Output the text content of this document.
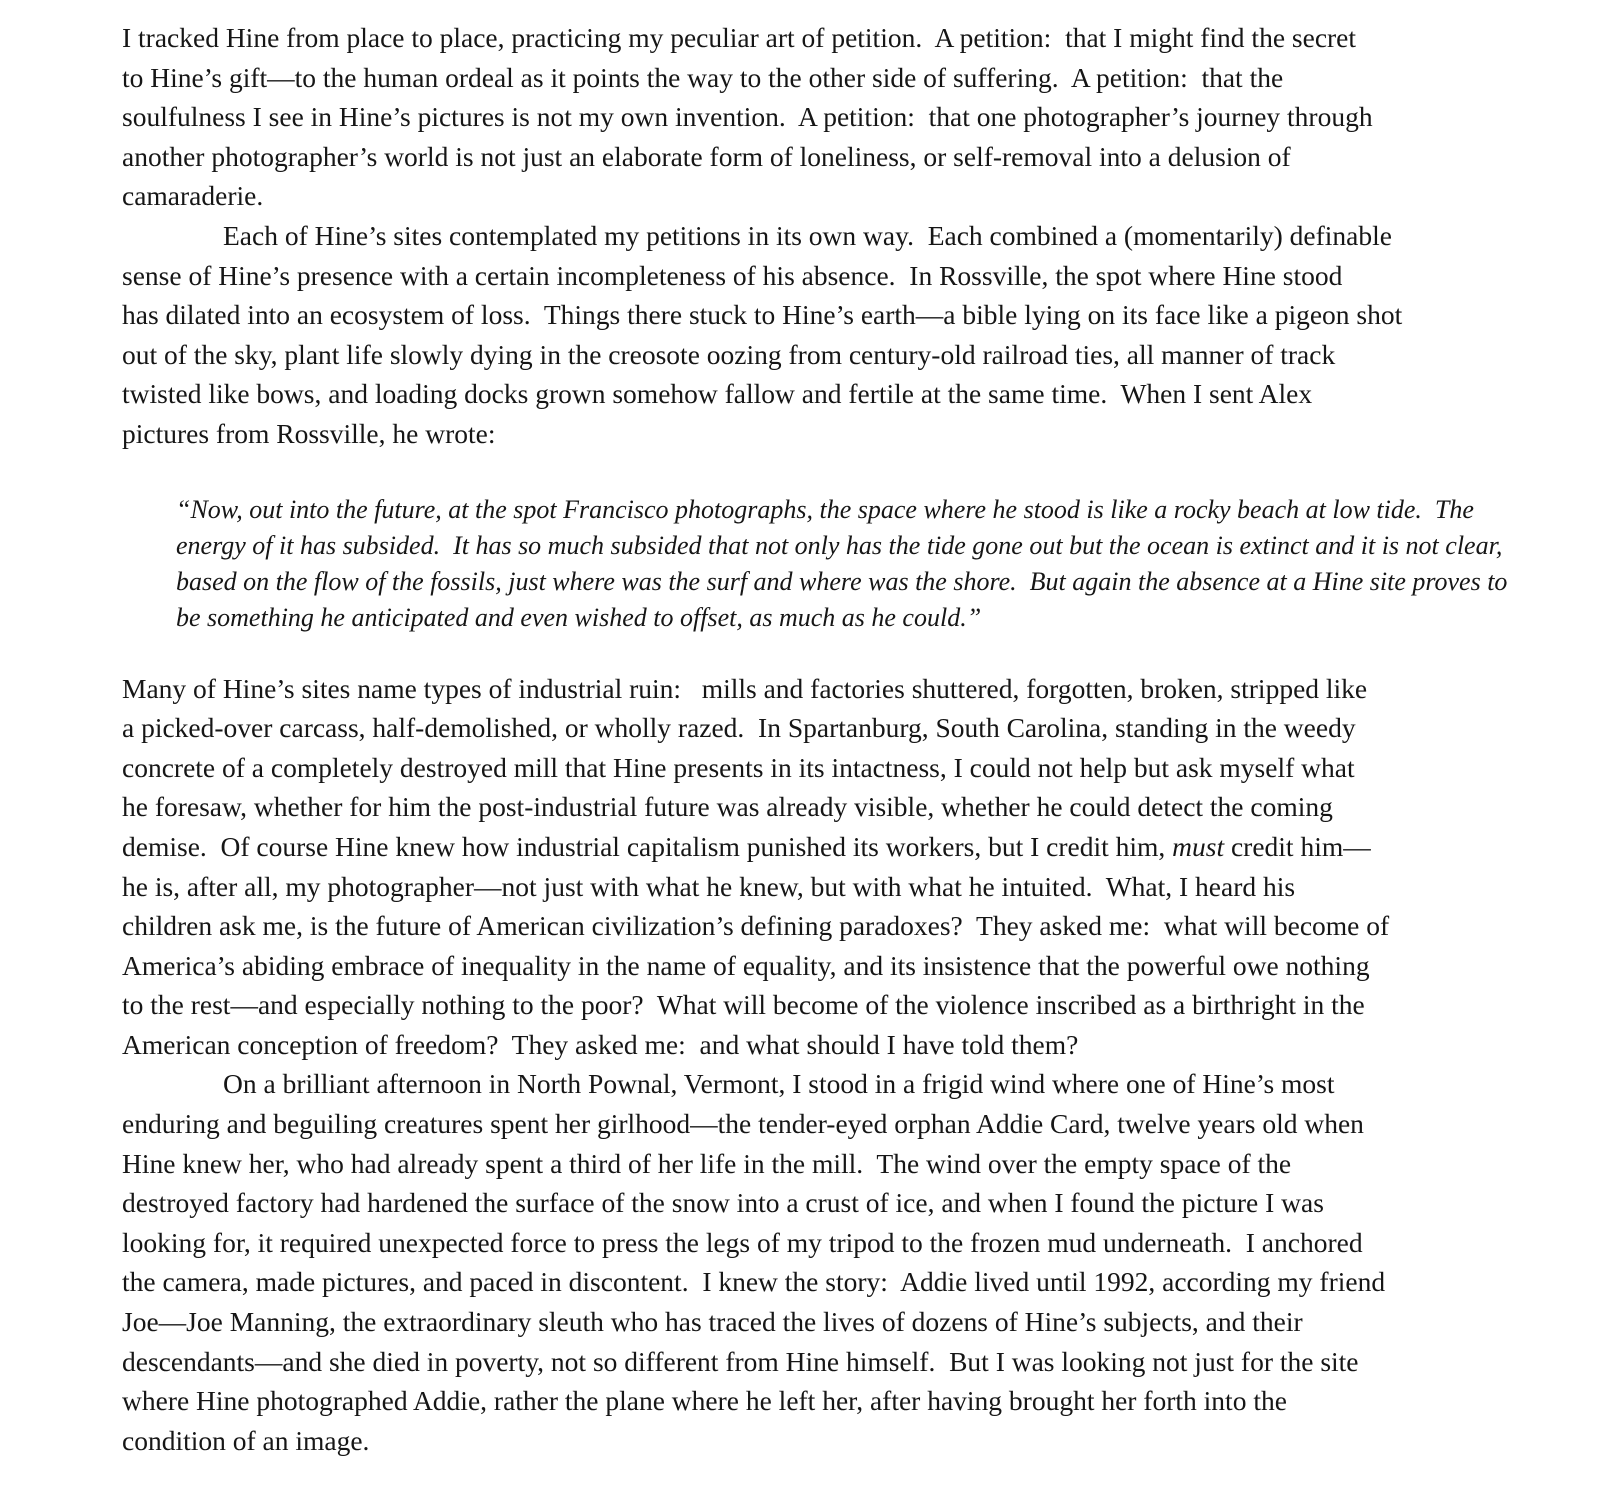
I tracked Hine from place to place, practicing my peculiar art of petition.  A petition:  that I might find the secret
to Hine’s gift—to the human ordeal as it points the way to the other side of suffering.  A petition:  that the
soulfulness I see in Hine’s pictures is not my own invention.  A petition:  that one photographer’s journey through
another photographer’s world is not just an elaborate form of loneliness, or self-removal into a delusion of
camaraderie.
Each of Hine’s sites contemplated my petitions in its own way.  Each combined a (momentarily) definable
sense of Hine’s presence with a certain incompleteness of his absence.  In Rossville, the spot where Hine stood
has dilated into an ecosystem of loss.  Things there stuck to Hine’s earth—a bible lying on its face like a pigeon shot
out of the sky, plant life slowly dying in the creosote oozing from century-old railroad ties, all manner of track
twisted like bows, and loading docks grown somehow fallow and fertile at the same time.  When I sent Alex
pictures from Rossville, he wrote:
“Now, out into the future, at the spot Francisco photographs, the space where he stood is like a rocky beach at low tide.  The
energy of it has subsided.  It has so much subsided that not only has the tide gone out but the ocean is extinct and it is not clear,
based on the flow of the fossils, just where was the surf and where was the shore.  But again the absence at a Hine site proves to
be something he anticipated and even wished to offset, as much as he could.”
Many of Hine’s sites name types of industrial ruin:   mills and factories shuttered, forgotten, broken, stripped like
a picked-over carcass, half-demolished, or wholly razed.  In Spartanburg, South Carolina, standing in the weedy
concrete of a completely destroyed mill that Hine presents in its intactness, I could not help but ask myself what
he foresaw, whether for him the post-industrial future was already visible, whether he could detect the coming
demise.  Of course Hine knew how industrial capitalism punished its workers, but I credit him, must credit him—
he is, after all, my photographer—not just with what he knew, but with what he intuited.  What, I heard his
children ask me, is the future of American civilization’s defining paradoxes?  They asked me:  what will become of
America’s abiding embrace of inequality in the name of equality, and its insistence that the powerful owe nothing
to the rest—and especially nothing to the poor?  What will become of the violence inscribed as a birthright in the
American conception of freedom?  They asked me:  and what should I have told them?
On a brilliant afternoon in North Pownal, Vermont, I stood in a frigid wind where one of Hine’s most
enduring and beguiling creatures spent her girlhood—the tender-eyed orphan Addie Card, twelve years old when
Hine knew her, who had already spent a third of her life in the mill.  The wind over the empty space of the
destroyed factory had hardened the surface of the snow into a crust of ice, and when I found the picture I was
looking for, it required unexpected force to press the legs of my tripod to the frozen mud underneath.  I anchored
the camera, made pictures, and paced in discontent.  I knew the story:  Addie lived until 1992, according my friend
Joe—Joe Manning, the extraordinary sleuth who has traced the lives of dozens of Hine’s subjects, and their
descendants—and she died in poverty, not so different from Hine himself.  But I was looking not just for the site
where Hine photographed Addie, rather the plane where he left her, after having brought her forth into the
condition of an image.
